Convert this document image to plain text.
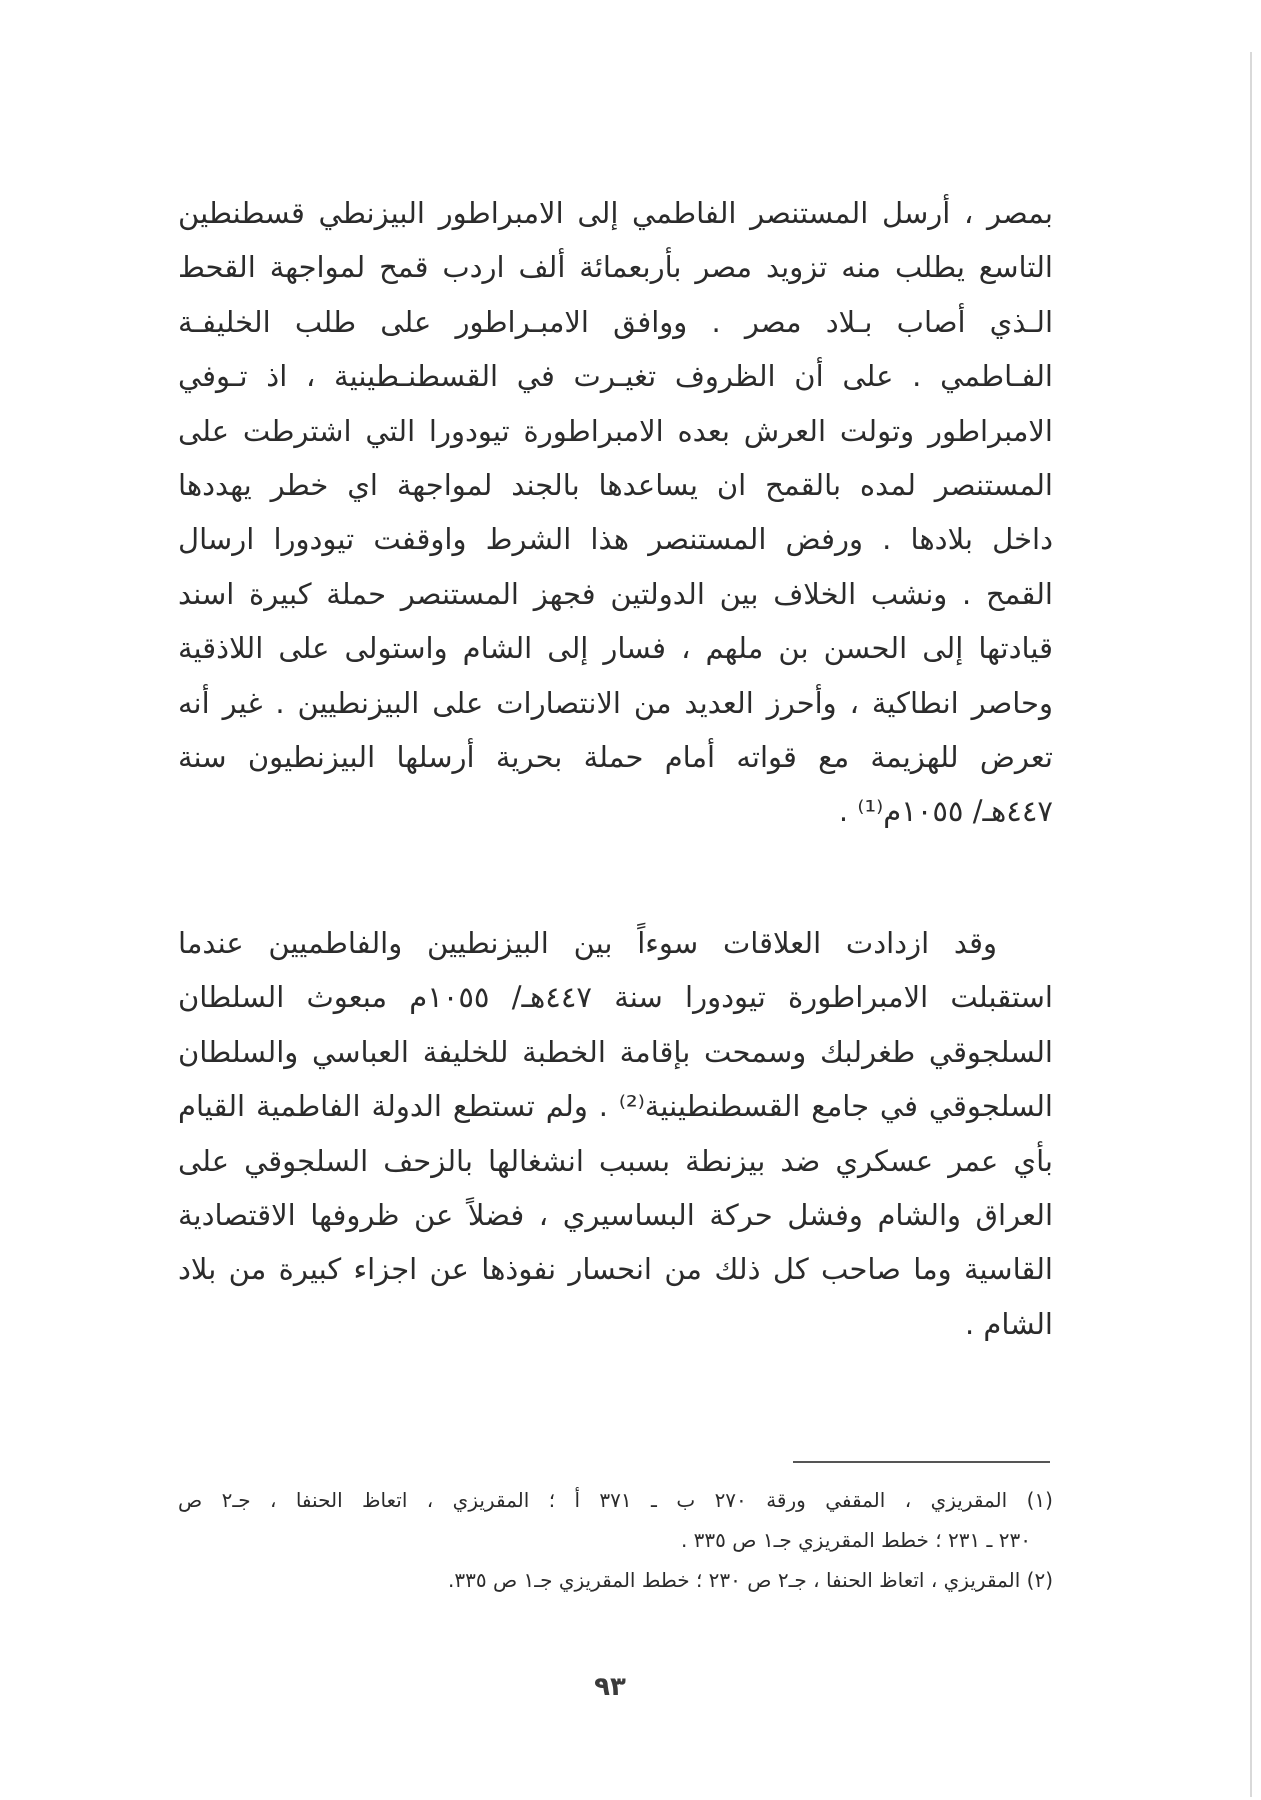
بمصر ، أرسل المستنصر الفاطمي إلى الامبراطور البيزنطي قسطنطين
التاسع يطلب منه تزويد مصر بأربعمائة ألف اردب قمح لمواجهة القحط
الـذي أصاب بـلاد مصر . ووافق الامبـراطور على طلب الخليفـة
الفـاطمي . على أن الظروف تغيـرت في القسطنـطينية ، اذ تـوفي
الامبراطور وتولت العرش بعده الامبراطورة تيودورا التي اشترطت على
المستنصر لمده بالقمح ان يساعدها بالجند لمواجهة اي خطر يهددها
داخل بلادها . ورفض المستنصر هذا الشرط واوقفت تيودورا ارسال
القمح . ونشب الخلاف بين الدولتين فجهز المستنصر حملة كبيرة اسند
قيادتها إلى الحسن بن ملهم ، فسار إلى الشام واستولى على اللاذقية
وحاصر انطاكية ، وأحرز العديد من الانتصارات على البيزنطيين . غير أنه
تعرض للهزيمة مع قواته أمام حملة بحرية أرسلها البيزنطيون سنة
٤٤٧هـ/ ١٠٥٥م⁽¹⁾ .
وقد ازدادت العلاقات سوءاً بين البيزنطيين والفاطميين عندما
استقبلت الامبراطورة تيودورا سنة ٤٤٧هـ/ ١٠٥٥م مبعوث السلطان
السلجوقي طغرلبك وسمحت بإقامة الخطبة للخليفة العباسي والسلطان
السلجوقي في جامع القسطنطينية⁽²⁾ . ولم تستطع الدولة الفاطمية القيام
بأي عمر عسكري ضد بيزنطة بسبب انشغالها بالزحف السلجوقي على
العراق والشام وفشل حركة البساسيري ، فضلاً عن ظروفها الاقتصادية
القاسية وما صاحب كل ذلك من انحسار نفوذها عن اجزاء كبيرة من بلاد
الشام .
(١) المقريزي ، المقفي ورقة ٢٧٠ ب ـ ٣٧١ أ ؛ المقريزي ، اتعاظ الحنفا ، جـ٢ ص
٢٣٠ ـ ٢٣١ ؛ خطط المقريزي جـ١ ص ٣٣٥ .
(٢) المقريزي ، اتعاظ الحنفا ، جـ٢ ص ٢٣٠ ؛ خطط المقريزي جـ١ ص ٣٣٥.
٩٣
